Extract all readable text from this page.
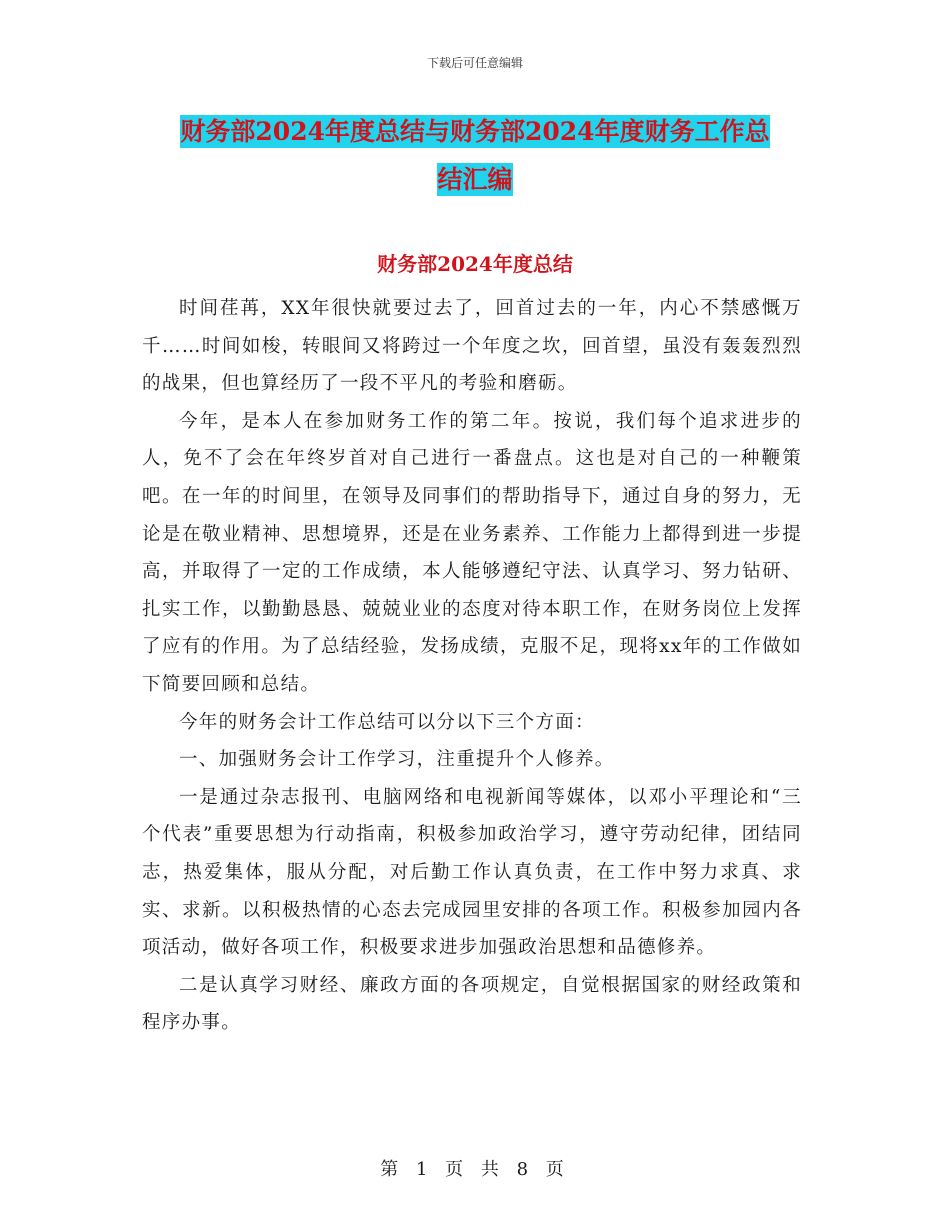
下载后可任意编辑
财务部2024年度总结与财务部2024年度财务工作总
结汇编
财务部2024年度总结

时间荏苒，XX年很快就要过去了，回首过去的一年，内心不禁感慨万千……时间如梭，转眼间又将跨过一个年度之坎，回首望，虽没有轰轰烈烈的战果，但也算经历了一段不平凡的考验和磨砺。

今年，是本人在参加财务工作的第二年。按说，我们每个追求进步的人，免不了会在年终岁首对自己进行一番盘点。这也是对自己的一种鞭策吧。在一年的时间里，在领导及同事们的帮助指导下，通过自身的努力，无论是在敬业精神、思想境界，还是在业务素养、工作能力上都得到进一步提高，并取得了一定的工作成绩，本人能够遵纪守法、认真学习、努力钻研、扎实工作，以勤勤恳恳、兢兢业业的态度对待本职工作，在财务岗位上发挥了应有的作用。为了总结经验，发扬成绩，克服不足，现将xx年的工作做如下简要回顾和总结。

今年的财务会计工作总结可以分以下三个方面：

一、加强财务会计工作学习，注重提升个人修养。

一是通过杂志报刊、电脑网络和电视新闻等媒体，以邓小平理论和“三个代表”重要思想为行动指南，积极参加政治学习，遵守劳动纪律，团结同志，热爱集体，服从分配，对后勤工作认真负责，在工作中努力求真、求实、求新。以积极热情的心态去完成园里安排的各项工作。积极参加园内各项活动，做好各项工作，积极要求进步加强政治思想和品德修养。

二是认真学习财经、廉政方面的各项规定，自觉根据国家的财经政策和程序办事。

第 1 页 共 8 页
